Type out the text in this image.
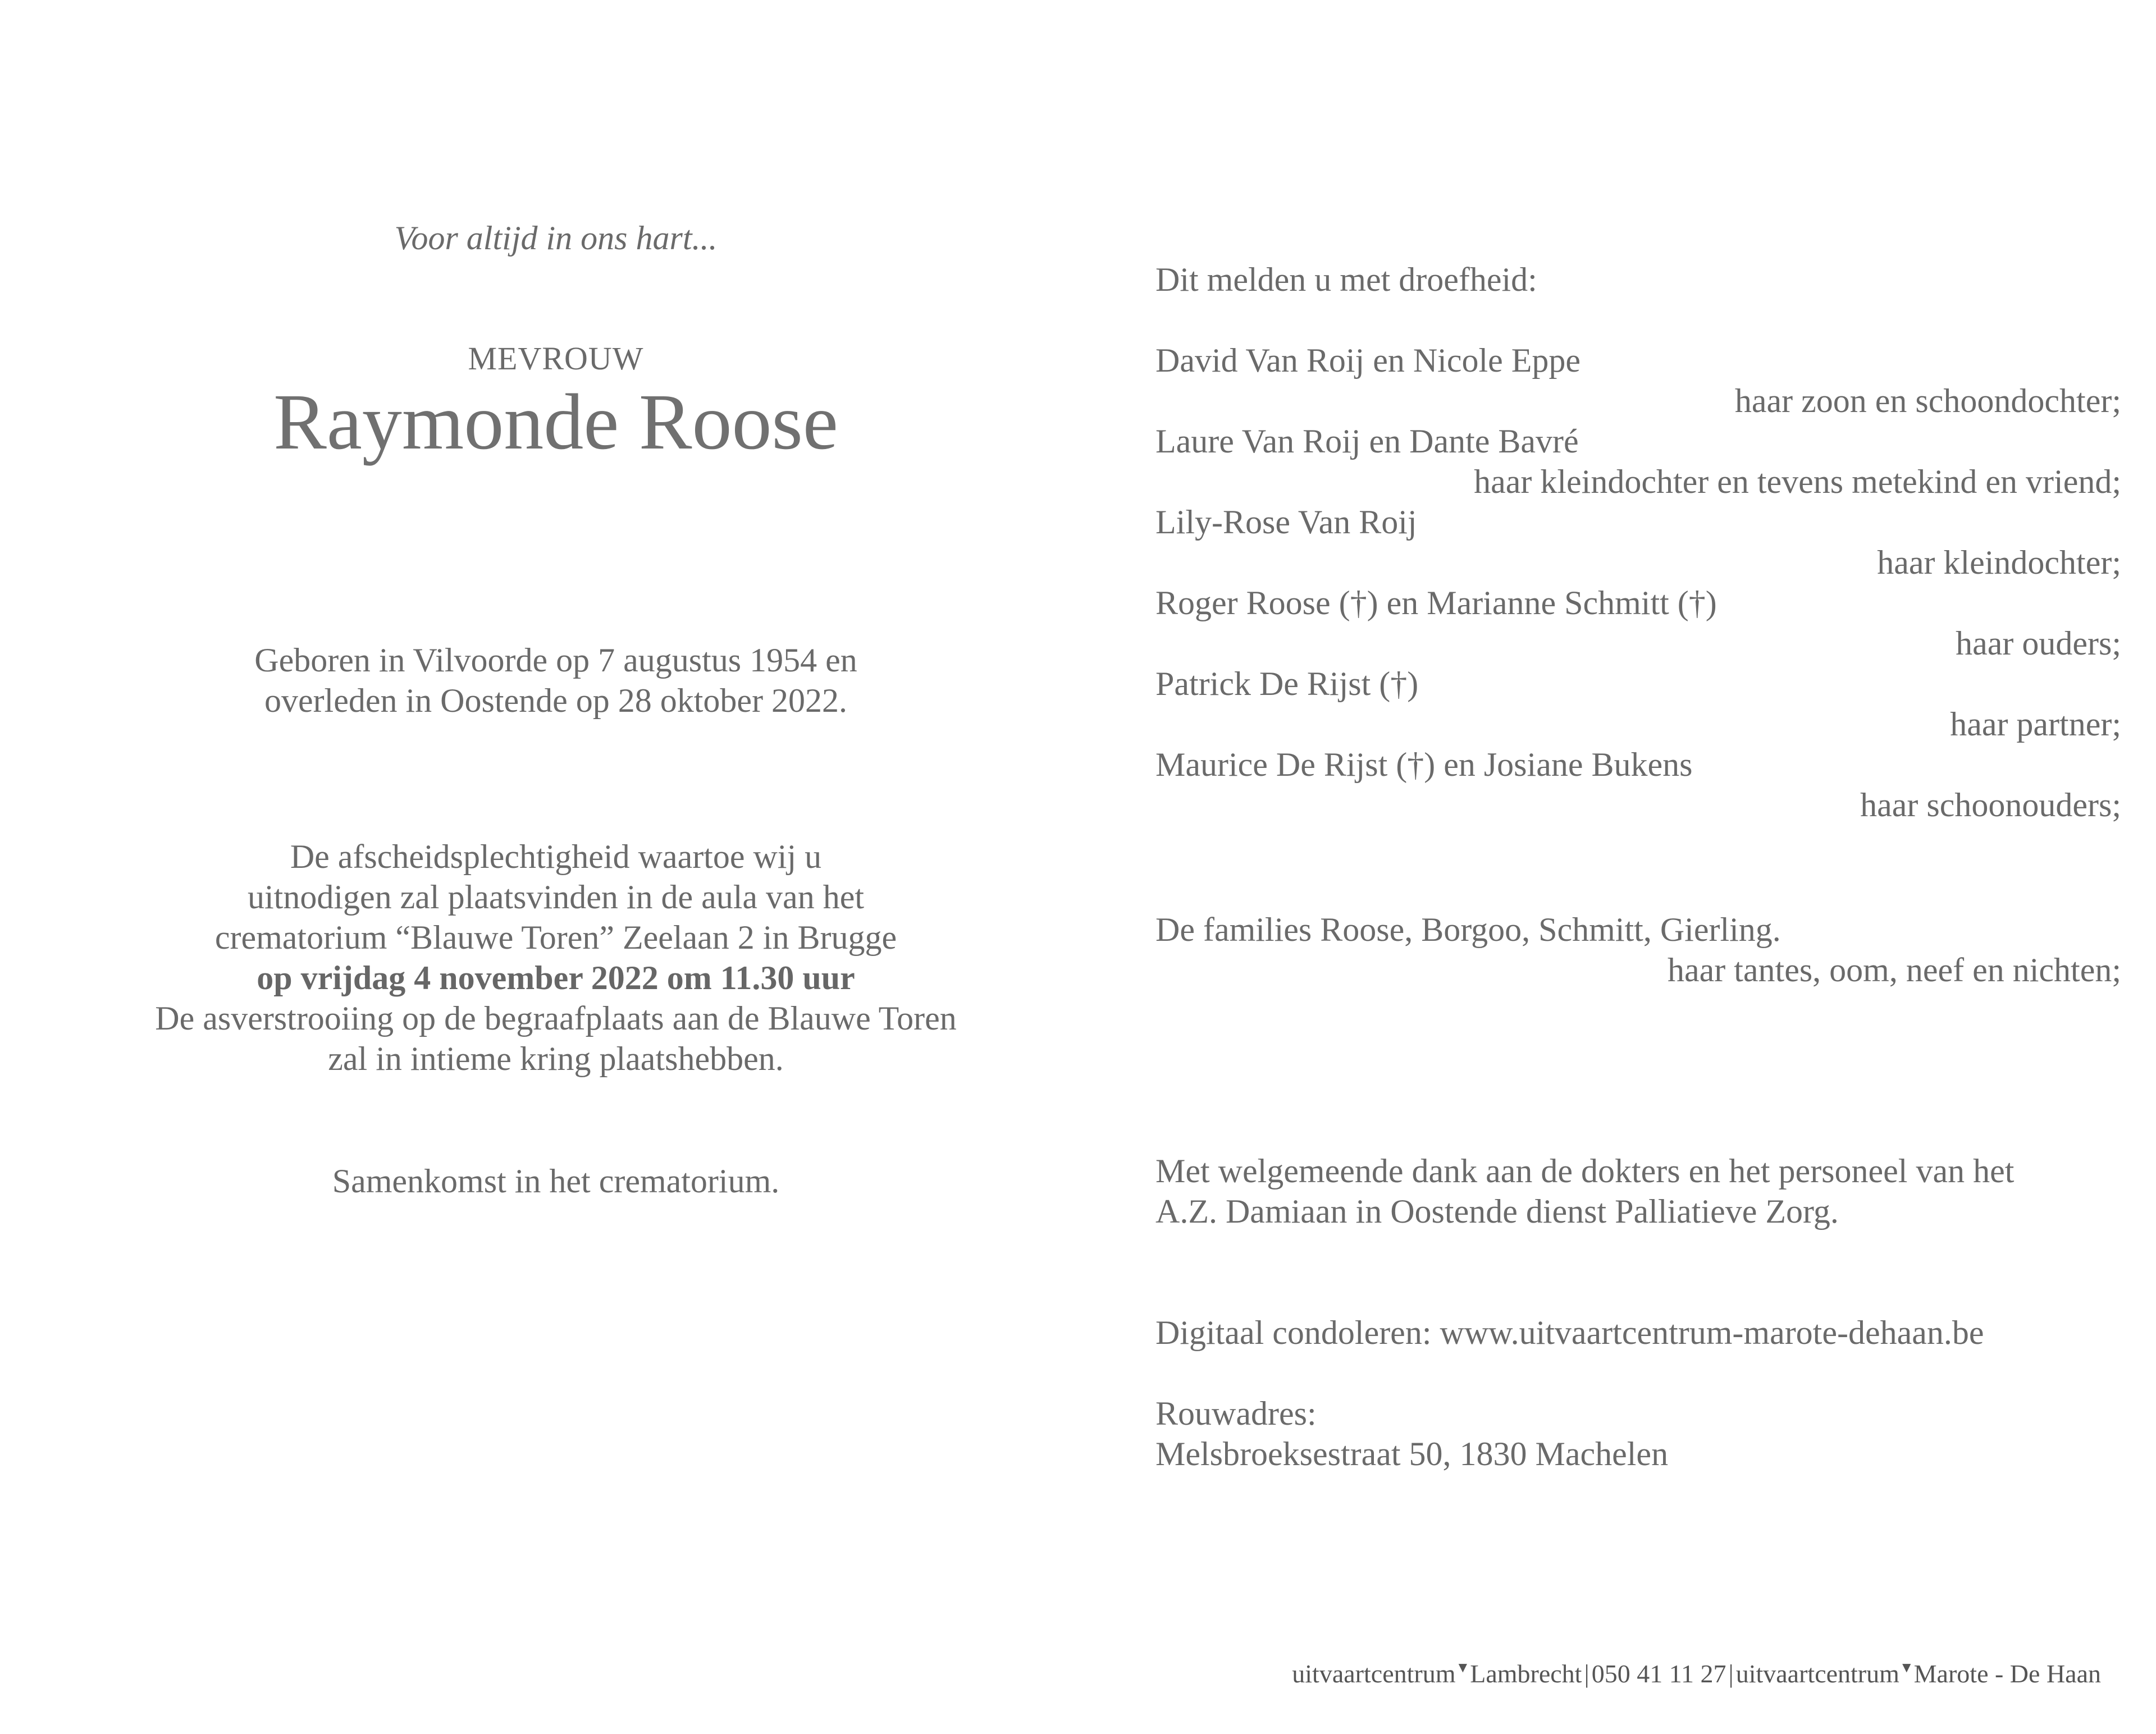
Voor altijd in ons hart...
MEVROUW
Raymonde Roose
Geboren in Vilvoorde op 7 augustus 1954 en
overleden in Oostende op 28 oktober 2022.
De afscheidsplechtigheid waartoe wij u
uitnodigen zal plaatsvinden in de aula van het
crematorium “Blauwe Toren” Zeelaan 2 in Brugge
op vrijdag 4 november 2022 om 11.30 uur
De asverstrooiing op de begraafplaats aan de Blauwe Toren
zal in intieme kring plaatshebben.
Samenkomst in het crematorium.
Dit melden u met droefheid:
David Van Roij en Nicole Eppe
haar zoon en schoondochter;
Laure Van Roij en Dante Bavré
haar kleindochter en tevens metekind en vriend;
Lily-Rose Van Roij
haar kleindochter;
Roger Roose (†) en Marianne Schmitt (†)
haar ouders;
Patrick De Rijst (†)
haar partner;
Maurice De Rijst (†) en Josiane Bukens
haar schoonouders;
De families Roose, Borgoo, Schmitt, Gierling.
haar tantes, oom, neef en nichten;
Met welgemeende dank aan de dokters en het personeel van het
A.Z. Damiaan in Oostende dienst Palliatieve Zorg.
Digitaal condoleren: www.uitvaartcentrum-marote-dehaan.be
Rouwadres:
Melsbroeksestraat 50, 1830 Machelen
uitvaartcentrum▼Lambrecht|050 41 11 27|uitvaartcentrum▼Marote - De Haan
